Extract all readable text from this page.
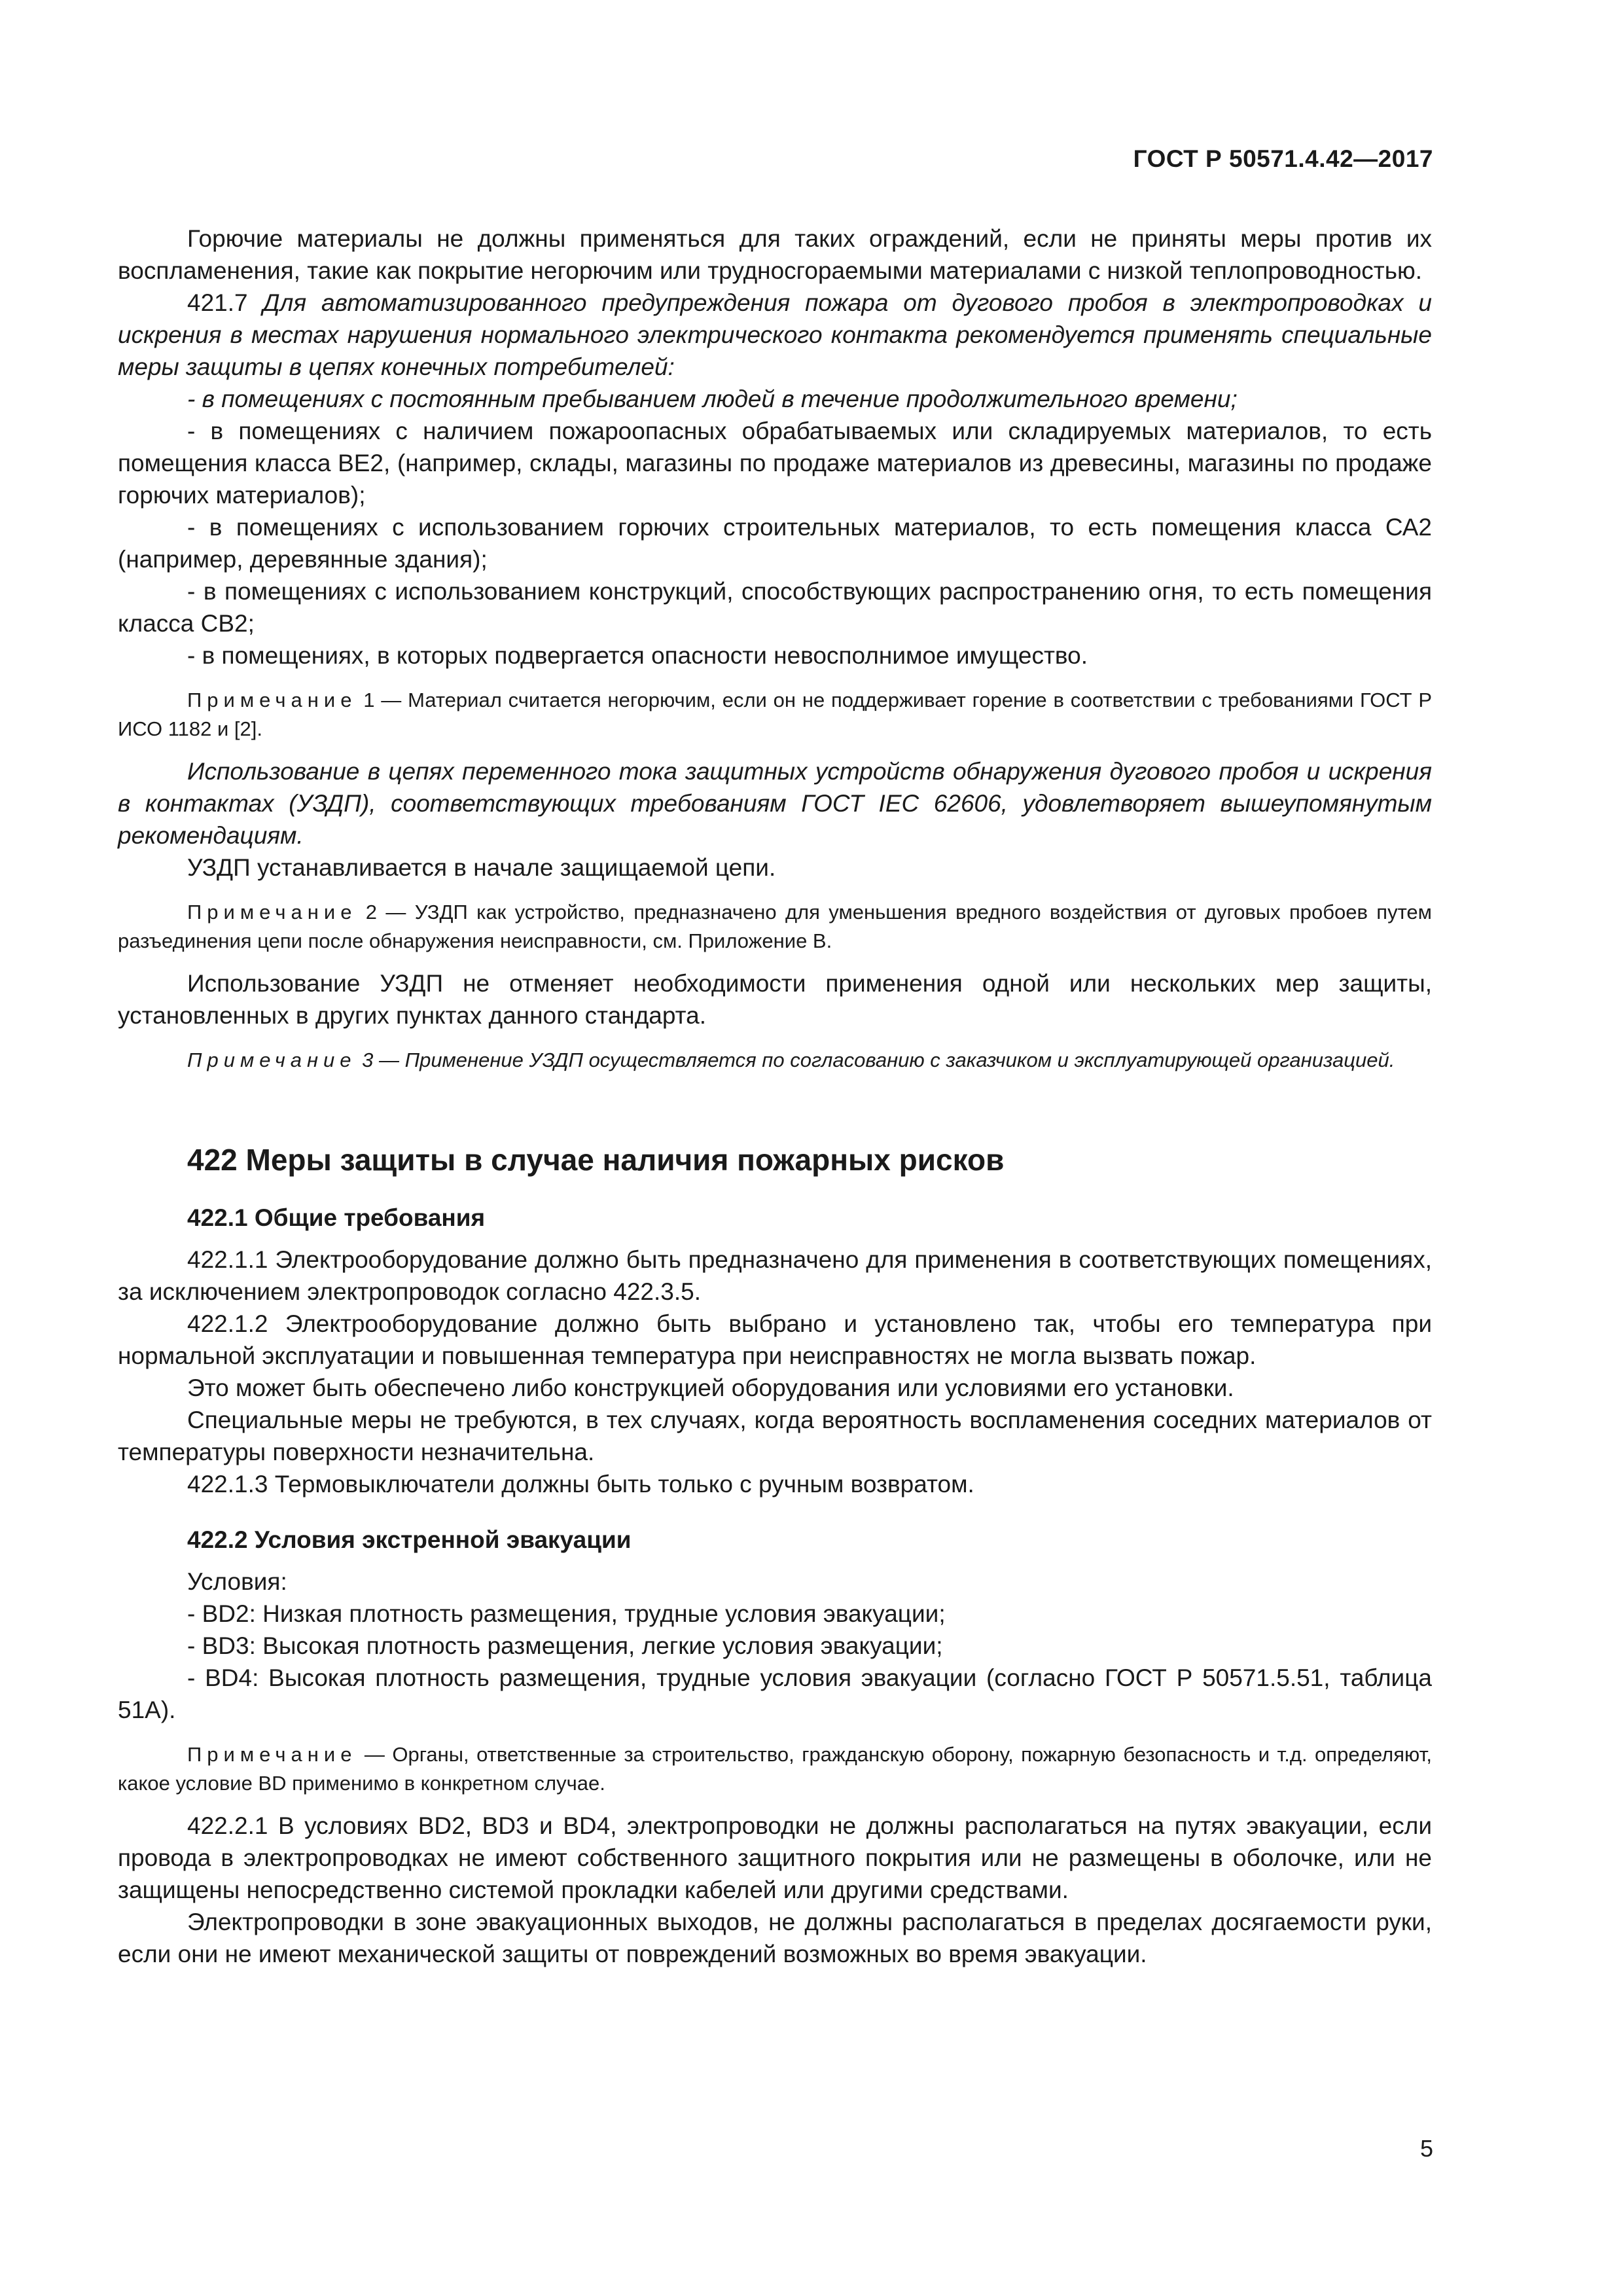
ГОСТ Р 50571.4.42—2017

Горючие материалы не должны применяться для таких ограждений, если не приняты меры против их воспламенения, такие как покрытие негорючим или трудносгораемыми материалами с низкой теплопроводностью.

421.7 Для автоматизированного предупреждения пожара от дугового пробоя в электропроводках и искрения в местах нарушения нормального электрического контакта рекомендуется применять специальные меры защиты в цепях конечных потребителей:

- в помещениях с постоянным пребыванием людей в течение продолжительного времени;

- в помещениях с наличием пожароопасных обрабатываемых или складируемых материалов, то есть помещения класса ВЕ2, (например, склады, магазины по продаже материалов из древесины, магазины по продаже горючих материалов);

- в помещениях с использованием горючих строительных материалов, то есть помещения класса СА2 (например, деревянные здания);

- в помещениях с использованием конструкций, способствующих распространению огня, то есть помещения класса СВ2;

- в помещениях, в которых подвергается опасности невосполнимое имущество.

Примечание 1 — Материал считается негорючим, если он не поддерживает горение в соответствии с требованиями ГОСТ Р ИСО 1182 и [2].

Использование в цепях переменного тока защитных устройств обнаружения дугового пробоя и искрения в контактах (УЗДП), соответствующих требованиям ГОСТ IEC 62606, удовлетворяет вышеупомянутым рекомендациям.

УЗДП устанавливается в начале защищаемой цепи.

Примечание 2 — УЗДП как устройство, предназначено для уменьшения вредного воздействия от дуговых пробоев путем разъединения цепи после обнаружения неисправности, см. Приложение В.

Использование УЗДП не отменяет необходимости применения одной или нескольких мер защиты, установленных в других пунктах данного стандарта.

Примечание 3 — Применение УЗДП осуществляется по согласованию с заказчиком и эксплуатирующей организацией.

422 Меры защиты в случае наличия пожарных рисков
422.1 Общие требования

422.1.1 Электрооборудование должно быть предназначено для применения в соответствующих помещениях, за исключением электропроводок согласно 422.3.5.

422.1.2 Электрооборудование должно быть выбрано и установлено так, чтобы его температура при нормальной эксплуатации и повышенная температура при неисправностях не могла вызвать пожар.

Это может быть обеспечено либо конструкцией оборудования или условиями его установки.

Специальные меры не требуются, в тех случаях, когда вероятность воспламенения соседних материалов от температуры поверхности незначительна.

422.1.3 Термовыключатели должны быть только с ручным возвратом.

422.2 Условия экстренной эвакуации

Условия:

- BD2: Низкая плотность размещения, трудные условия эвакуации;

- BD3: Высокая плотность размещения, легкие условия эвакуации;

- BD4: Высокая плотность размещения, трудные условия эвакуации (согласно ГОСТ Р 50571.5.51, таблица 51А).

Примечание — Органы, ответственные за строительство, гражданскую оборону, пожарную безопасность и т.д. определяют, какое условие BD применимо в конкретном случае.

422.2.1 В условиях BD2, BD3 и BD4, электропроводки не должны располагаться на путях эвакуации, если провода в электропроводках не имеют собственного защитного покрытия или не размещены в оболочке, или не защищены непосредственно системой прокладки кабелей или другими средствами.

Электропроводки в зоне эвакуационных выходов, не должны располагаться в пределах досягаемости руки, если они не имеют механической защиты от повреждений возможных во время эвакуации.

5
